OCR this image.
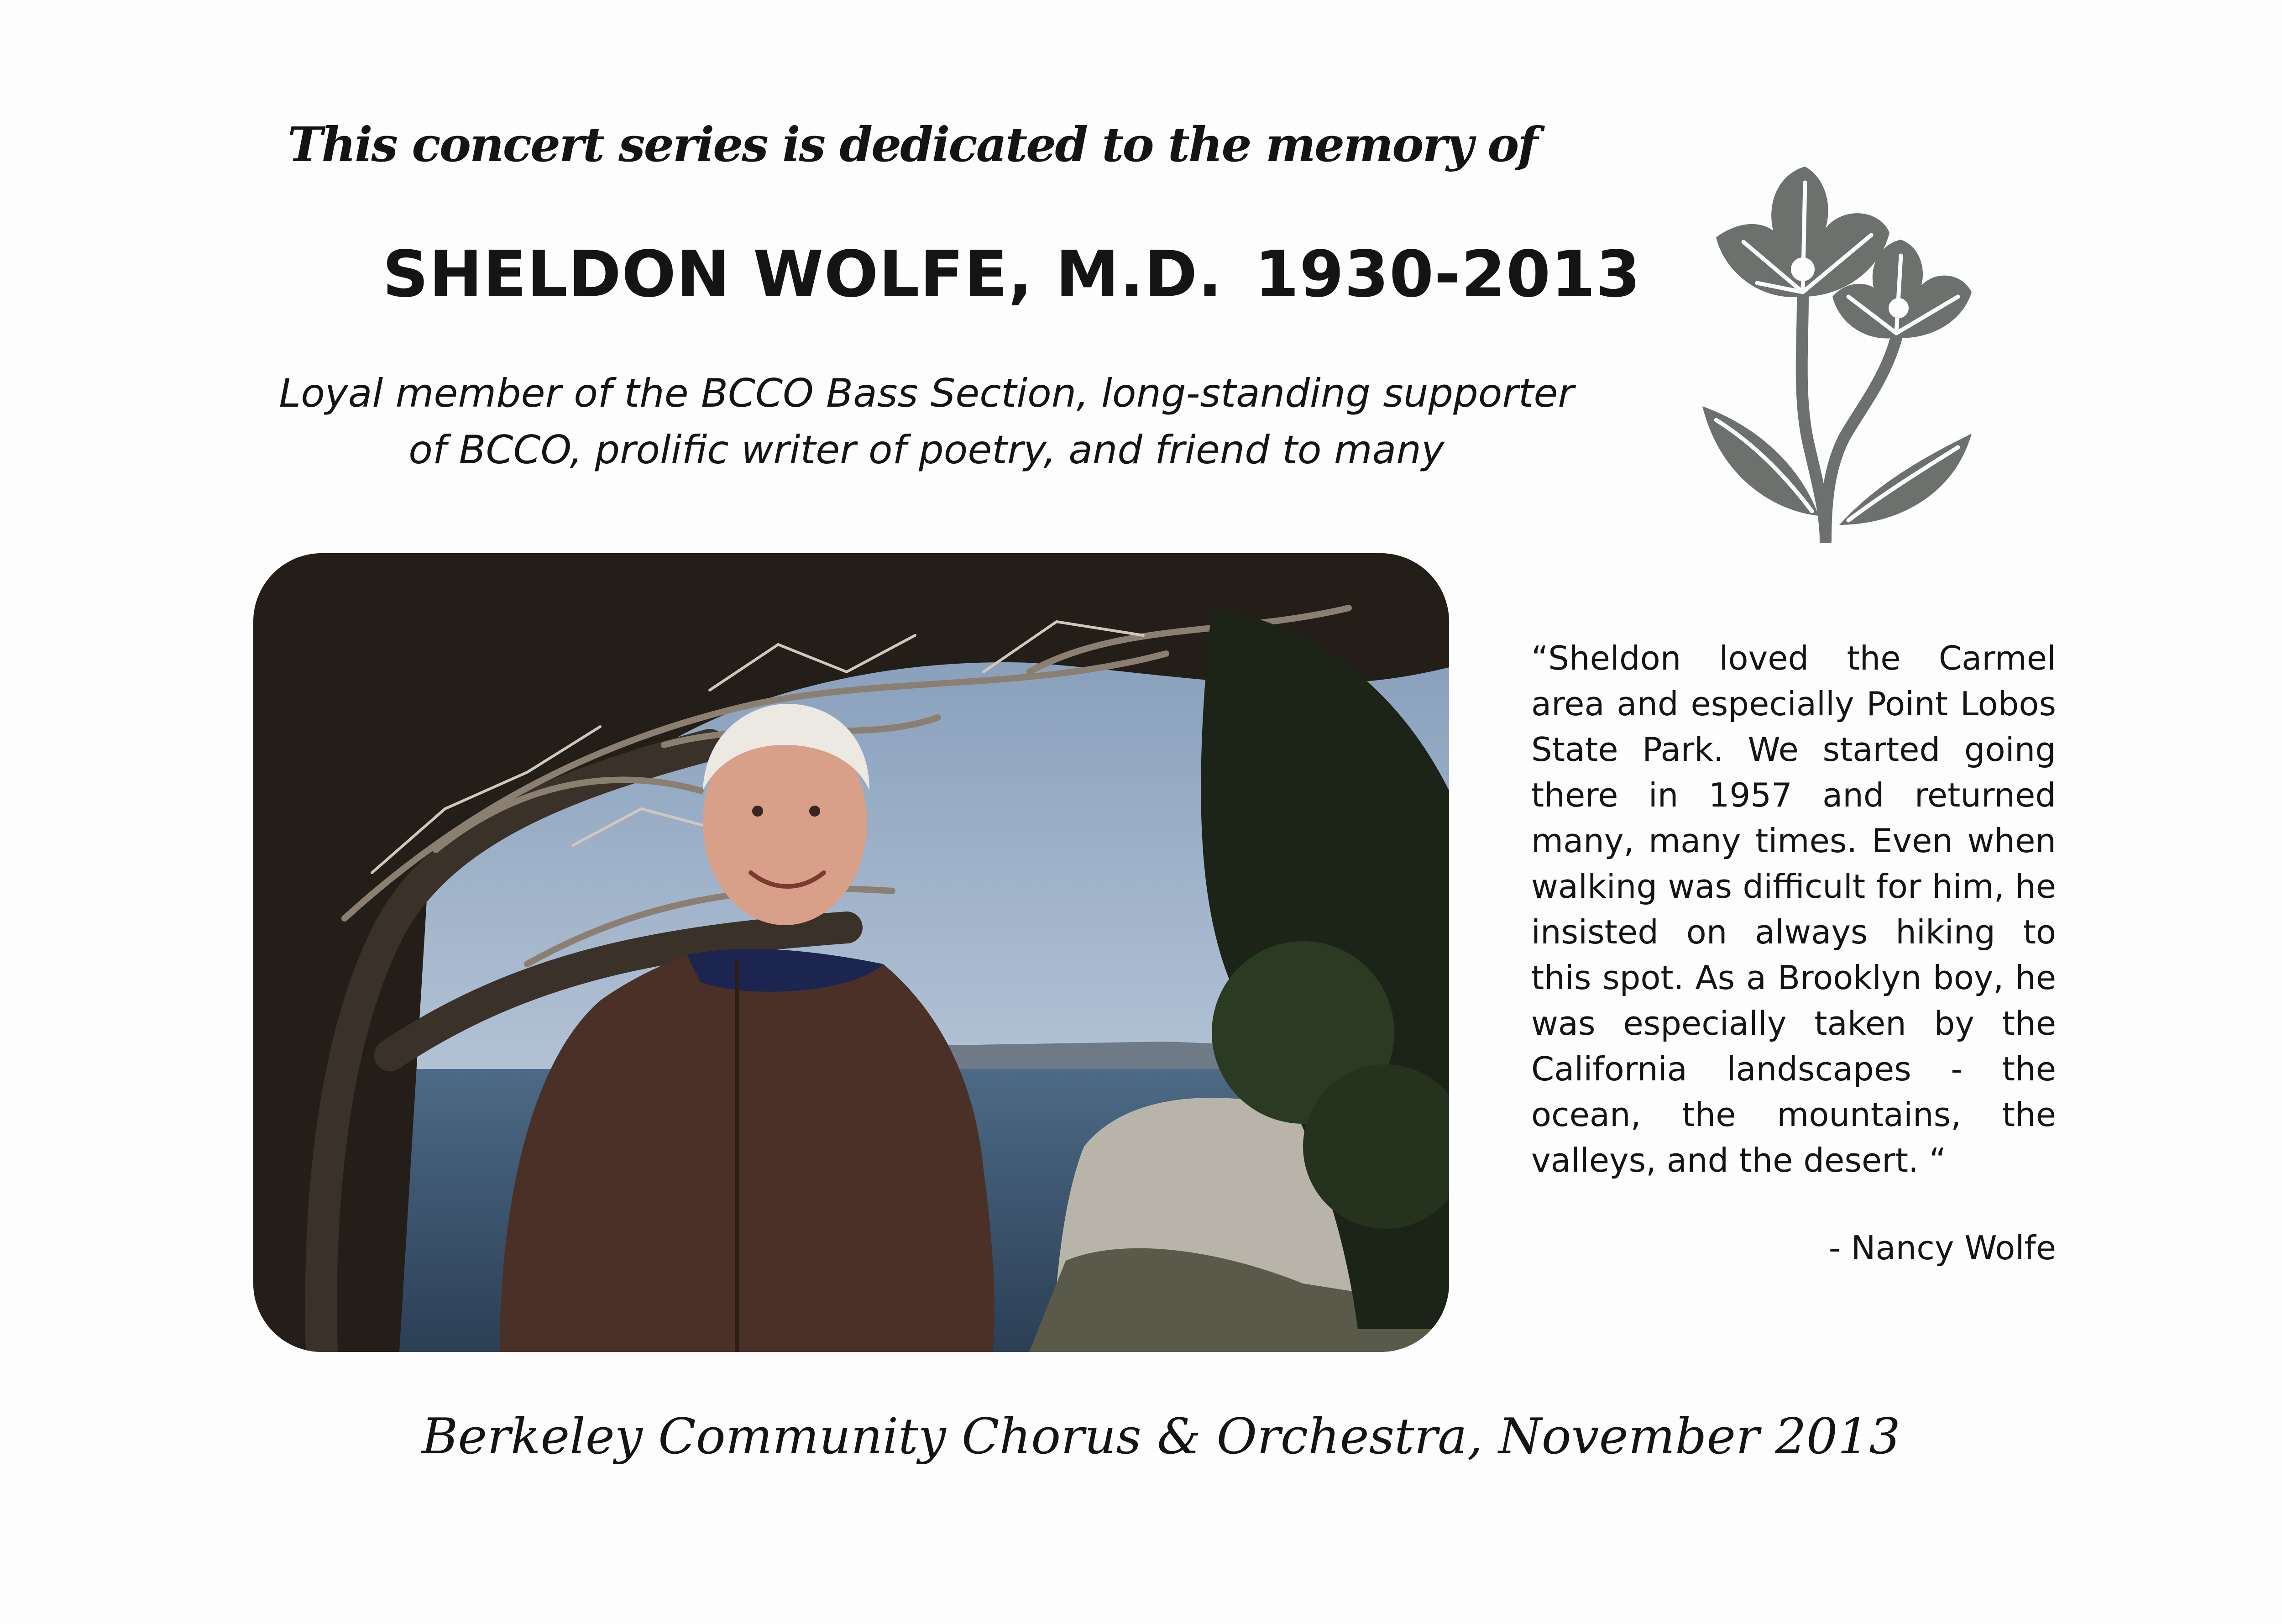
This concert series is dedicated to the memory of
SHELDON WOLFE, M.D. 1930-2013
Loyal member of the BCCO Bass Section, long-standing supporter
of BCCO, prolific writer of poetry, and friend to many
“Sheldon loved the Carmel area and especially Point Lobos State Park. We started going there in 1957 and returned many, many times. Even when walking was difficult for him, he insisted on always hiking to this spot. As a Brooklyn boy, he was especially taken by the California landscapes - the ocean, the mountains, the valleys, and the desert. “
- Nancy Wolfe
Berkeley Community Chorus & Orchestra, November 2013
